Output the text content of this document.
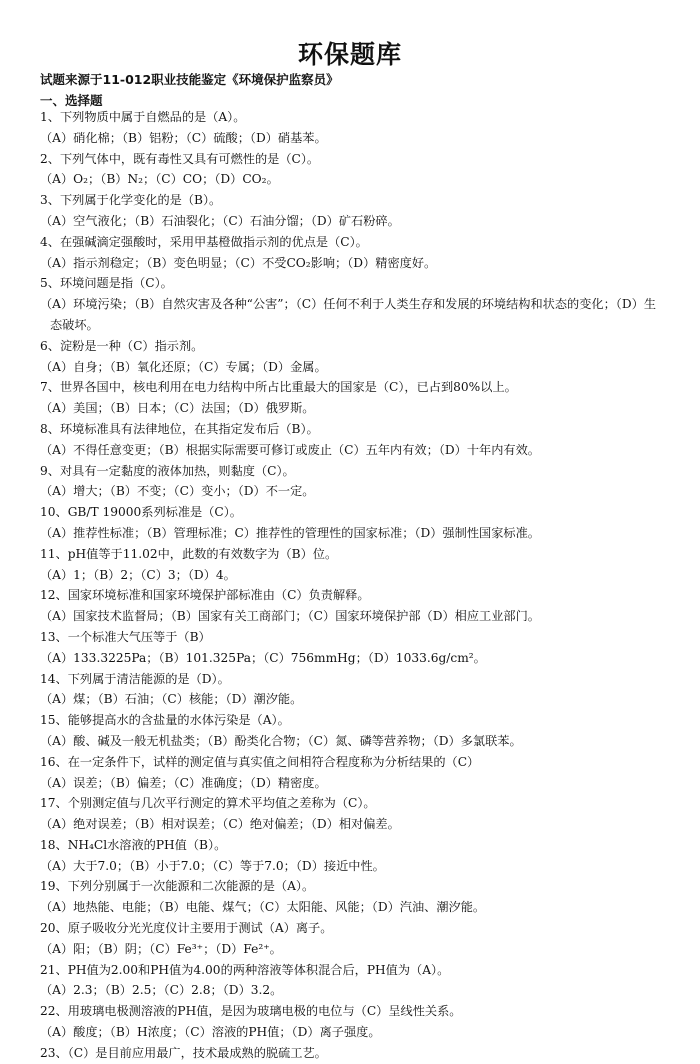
环保题库
试题来源于11-012职业技能鉴定《环境保护监察员》
一、选择题
1、下列物质中属于自燃品的是（A）。
（A）硝化棉；（B）铝粉；（C）硫酸；（D）硝基苯。
2、下列气体中，既有毒性又具有可燃性的是（C）。
（A）O₂；（B）N₂；（C）CO；（D）CO₂。
3、下列属于化学变化的是（B）。
（A）空气液化；（B）石油裂化；（C）石油分馏；（D）矿石粉碎。
4、在强碱滴定强酸时，采用甲基橙做指示剂的优点是（C）。
（A）指示剂稳定；（B）变色明显；（C）不受CO₂影响；（D）精密度好。
5、环境问题是指（C）。
（A）环境污染；（B）自然灾害及各种“公害”；（C）任何不利于人类生存和发展的环境结构和状态的变化；（D）生
态破坏。
6、淀粉是一种（C）指示剂。
（A）自身；（B）氧化还原；（C）专属；（D）金属。
7、世界各国中，核电利用在电力结构中所占比重最大的国家是（C），已占到80%以上。
（A）美国；（B）日本；（C）法国；（D）俄罗斯。
8、环境标准具有法律地位，在其指定发布后（B）。
（A）不得任意变更；（B）根据实际需要可修订或废止（C）五年内有效；（D）十年内有效。
9、对具有一定黏度的液体加热，则黏度（C）。
（A）增大；（B）不变；（C）变小；（D）不一定。
10、GB/T 19000系列标准是（C）。
（A）推荐性标准；（B）管理标准；C）推荐性的管理性的国家标准；（D）强制性国家标准。
11、pH值等于11.02中，此数的有效数字为（B）位。
（A）1；（B）2；（C）3；（D）4。
12、国家环境标准和国家环境保护部标准由（C）负责解释。
（A）国家技术监督局；（B）国家有关工商部门；（C）国家环境保护部（D）相应工业部门。
13、一个标准大气压等于（B）
（A）133.3225Pa；（B）101.325Pa；（C）756mmHg；（D）1033.6g/cm²。
14、下列属于清洁能源的是（D）。
（A）煤；（B）石油；（C）核能；（D）潮汐能。
15、能够提高水的含盐量的水体污染是（A）。
（A）酸、碱及一般无机盐类；（B）酚类化合物；（C）氮、磷等营养物；（D）多氯联苯。
16、在一定条件下，试样的测定值与真实值之间相符合程度称为分析结果的（C）
（A）误差；（B）偏差；（C）准确度；（D）精密度。
17、个别测定值与几次平行测定的算术平均值之差称为（C）。
（A）绝对误差；（B）相对误差；（C）绝对偏差；（D）相对偏差。
18、NH₄Cl水溶液的PH值（B）。
（A）大于7.0；（B）小于7.0；（C）等于7.0；（D）接近中性。
19、下列分别属于一次能源和二次能源的是（A）。
（A）地热能、电能；（B）电能、煤气；（C）太阳能、风能；（D）汽油、潮汐能。
20、原子吸收分光光度仪计主要用于测试（A）离子。
（A）阳；（B）阴；（C）Fe³⁺；（D）Fe²⁺。
21、PH值为2.00和PH值为4.00的两种溶液等体积混合后，PH值为（A）。
（A）2.3；（B）2.5；（C）2.8；（D）3.2。
22、用玻璃电极测溶液的PH值，是因为玻璃电极的电位与（C）呈线性关系。
（A）酸度；（B）H浓度；（C）溶液的PH值；（D）离子强度。
23、（C）是目前应用最广，技术最成熟的脱硫工艺。
